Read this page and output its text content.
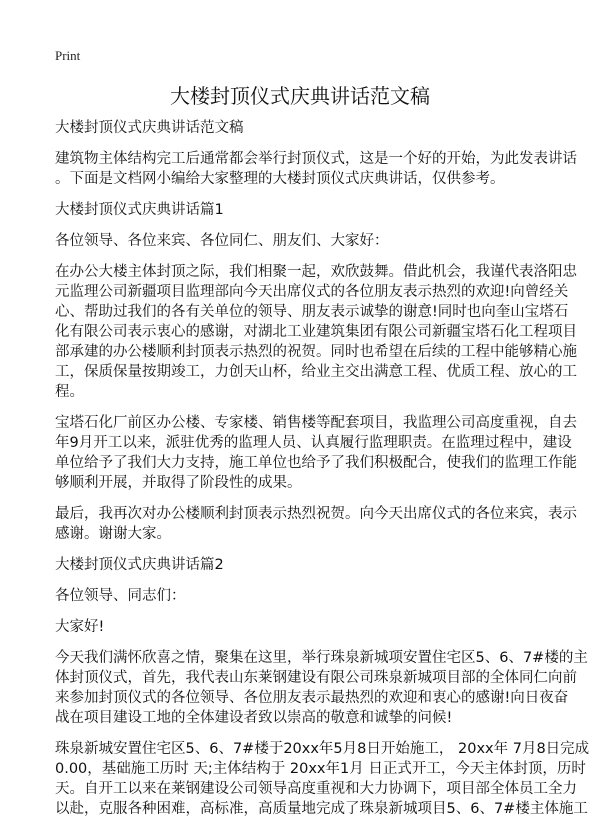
Print
大楼封顶仪式庆典讲话范文稿

大楼封顶仪式庆典讲话范文稿

建筑物主体结构完工后通常都会举行封顶仪式，这是一个好的开始，为此发表讲话
。下面是文档网小编给大家整理的大楼封顶仪式庆典讲话，仅供参考。

大楼封顶仪式庆典讲话篇1

各位领导、各位来宾、各位同仁、朋友们、大家好：

在办公大楼主体封顶之际，我们相聚一起，欢欣鼓舞。借此机会，我谨代表洛阳忠
元监理公司新疆项目监理部向今天出席仪式的各位朋友表示热烈的欢迎!向曾经关
心、帮助过我们的各有关单位的领导、朋友表示诚挚的谢意!同时也向奎山宝塔石
化有限公司表示衷心的感谢，对湖北工业建筑集团有限公司新疆宝塔石化工程项目
部承建的办公楼顺利封顶表示热烈的祝贺。同时也希望在后续的工程中能够精心施
工，保质保量按期竣工，力创天山杯，给业主交出满意工程、优质工程、放心的工
程。

宝塔石化厂前区办公楼、专家楼、销售楼等配套项目，我监理公司高度重视，自去
年9月开工以来，派驻优秀的监理人员、认真履行监理职责。在监理过程中，建设
单位给予了我们大力支持，施工单位也给予了我们积极配合，使我们的监理工作能
够顺利开展，并取得了阶段性的成果。

最后，我再次对办公楼顺利封顶表示热烈祝贺。向今天出席仪式的各位来宾，表示
感谢。谢谢大家。

大楼封顶仪式庆典讲话篇2

各位领导、同志们：

大家好!

今天我们满怀欣喜之情，聚集在这里，举行珠泉新城项安置住宅区5、6、7#楼的主
体封顶仪式，首先，我代表山东莱钢建设有限公司珠泉新城项目部的全体同仁向前
来参加封顶仪式的各位领导、各位朋友表示最热烈的欢迎和衷心的感谢!向日夜奋
战在项目建设工地的全体建设者致以崇高的敬意和诚挚的问候!

珠泉新城安置住宅区5、6、7#楼于20xx年5月8日开始施工， 20xx年 7月8日完成
0.00，基础施工历时 天;主体结构于 20xx年1月 日正式开工，今天主体封顶，历时
天。自开工以来在莱钢建设公司领导高度重视和大力协调下，项目部全体员工全力
以赴，克服各种困难，高标准，高质量地完成了珠泉新城项目5、6、7#楼主体施工
